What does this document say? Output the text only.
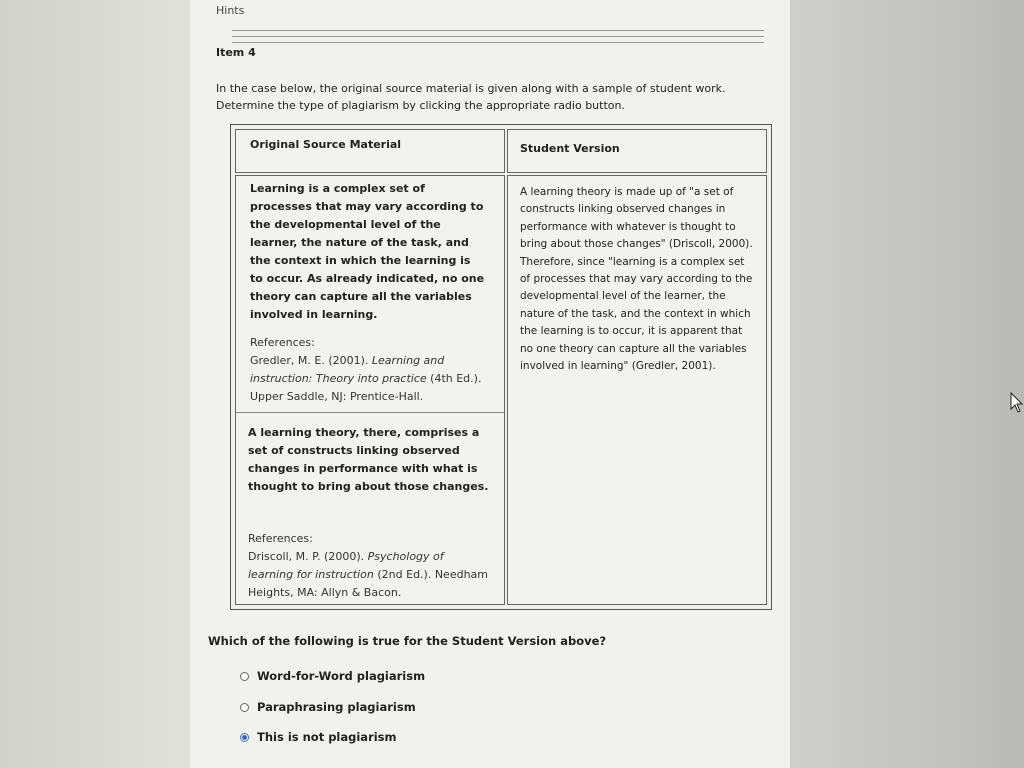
Hints
Item 4
In the case below, the original source material is given along with a sample of student work. Determine the type of plagiarism by clicking the appropriate radio button.
Original Source Material	Student Version
Learning is a complex set of processes that may vary according to the developmental level of the learner, the nature of the task, and the context in which the learning is to occur. As already indicated, no one theory can capture all the variables involved in learning.
References:
Gredler, M. E. (2001). Learning and instruction: Theory into practice (4th Ed.). Upper Saddle, NJ: Prentice-Hall.
A learning theory, there, comprises a set of constructs linking observed changes in performance with what is thought to bring about those changes.
References:
Driscoll, M. P. (2000). Psychology of learning for instruction (2nd Ed.). Needham Heights, MA: Allyn & Bacon.
A learning theory is made up of "a set of constructs linking observed changes in performance with whatever is thought to bring about those changes" (Driscoll, 2000). Therefore, since "learning is a complex set of processes that may vary according to the developmental level of the learner, the nature of the task, and the context in which the learning is to occur, it is apparent that no one theory can capture all the variables involved in learning" (Gredler, 2001).
Which of the following is true for the Student Version above?
Word-for-Word plagiarism
Paraphrasing plagiarism
This is not plagiarism
